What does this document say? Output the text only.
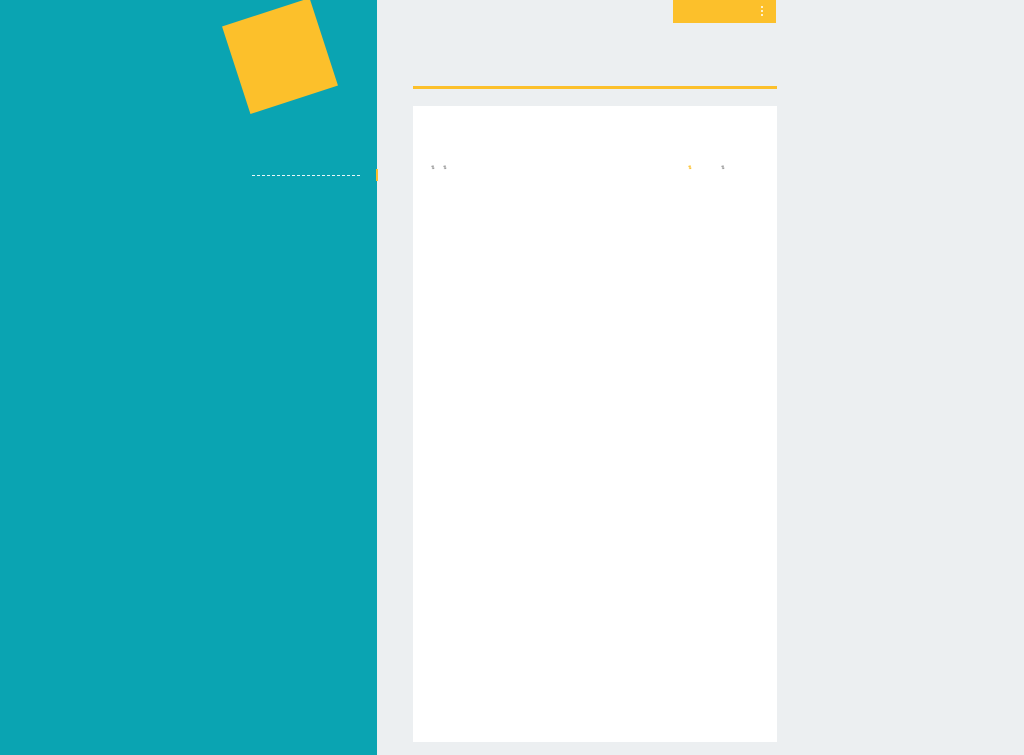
⇅ ⇅	⇅	⇅
